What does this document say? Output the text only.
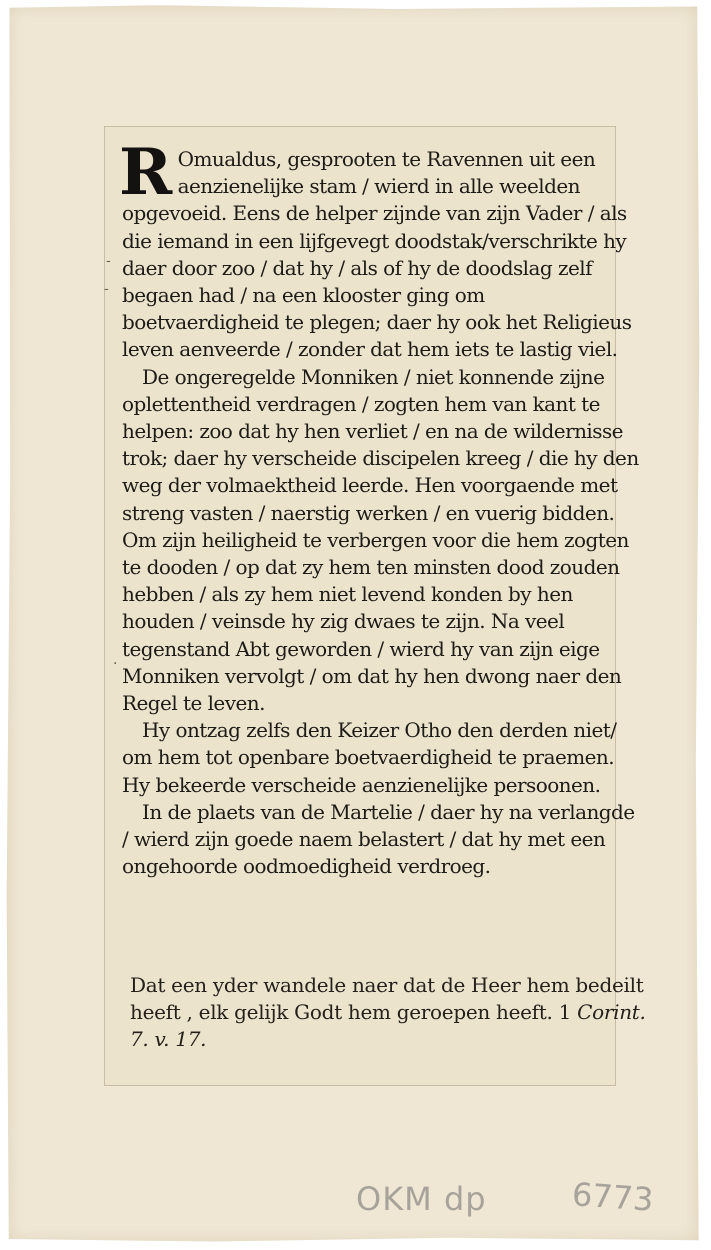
R Omualdus, gesprooten te Ravennen uit een aenzienelijke stam / wierd in alle weelden opgevoeid. Eens de helper zijnde van zijn Vader / als die iemand in een lijfgevegt doodstak/verschrikte hy daer door zoo / dat hy / als of hy de doodslag zelf begaen had / na een klooster ging om boetvaerdigheid te plegen; daer hy ook het Religieus leven aenveerde / zonder dat hem iets te lastig viel.

De ongeregelde Monniken / niet konnende zijne oplettentheid verdragen / zogten hem van kant te helpen: zoo dat hy hen verliet / en na de wildernisse trok; daer hy verscheide discipelen kreeg / die hy den weg der volmaektheid leerde. Hen voorgaende met streng vasten / naerstig werken / en vuerig bidden. Om zijn heiligheid te verbergen voor die hem zogten te dooden / op dat zy hem ten minsten dood zouden hebben / als zy hem niet levend konden by hen houden / veinsde hy zig dwaes te zijn. Na veel tegenstand Abt geworden / wierd hy van zijn eige Monniken vervolgt / om dat hy hen dwong naer den Regel te leven.

Hy ontzag zelfs den Keizer Otho den derden niet/ om hem tot openbare boetvaerdigheid te praemen. Hy bekeerde verscheide aenzienelijke persoonen.

In de plaets van de Martelie / daer hy na verlangde / wierd zijn goede naem belastert / dat hy met een ongehoorde oodmoedigheid verdroeg.

-
-
·

Dat een yder wandele naer dat de Heer hem bedeilt heeft , elk gelijk Godt hem geroepen heeft. 1 Corint. 7. v. 17.

OKM dp	6773
